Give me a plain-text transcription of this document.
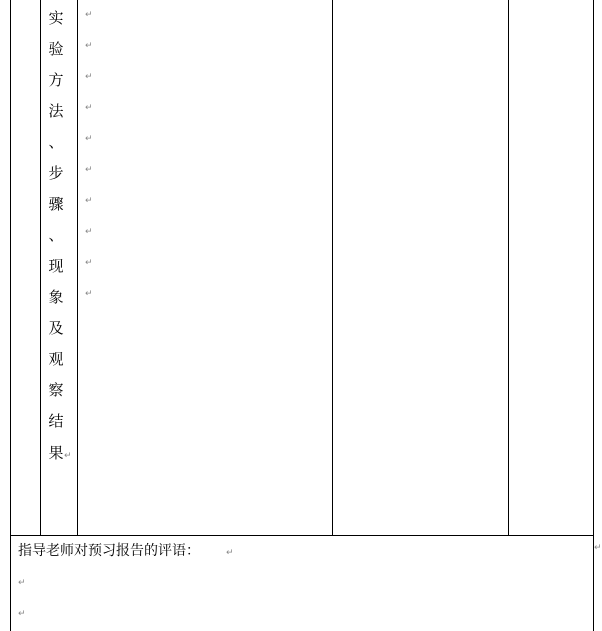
实
验
方
法
、
步
骤
、
现
象
及
观
察
结
果 ↵
↵
↵
↵
↵
↵
↵
↵
↵
↵
↵
↵
指导老师对预习报告的评语：	↵
↵
↵
